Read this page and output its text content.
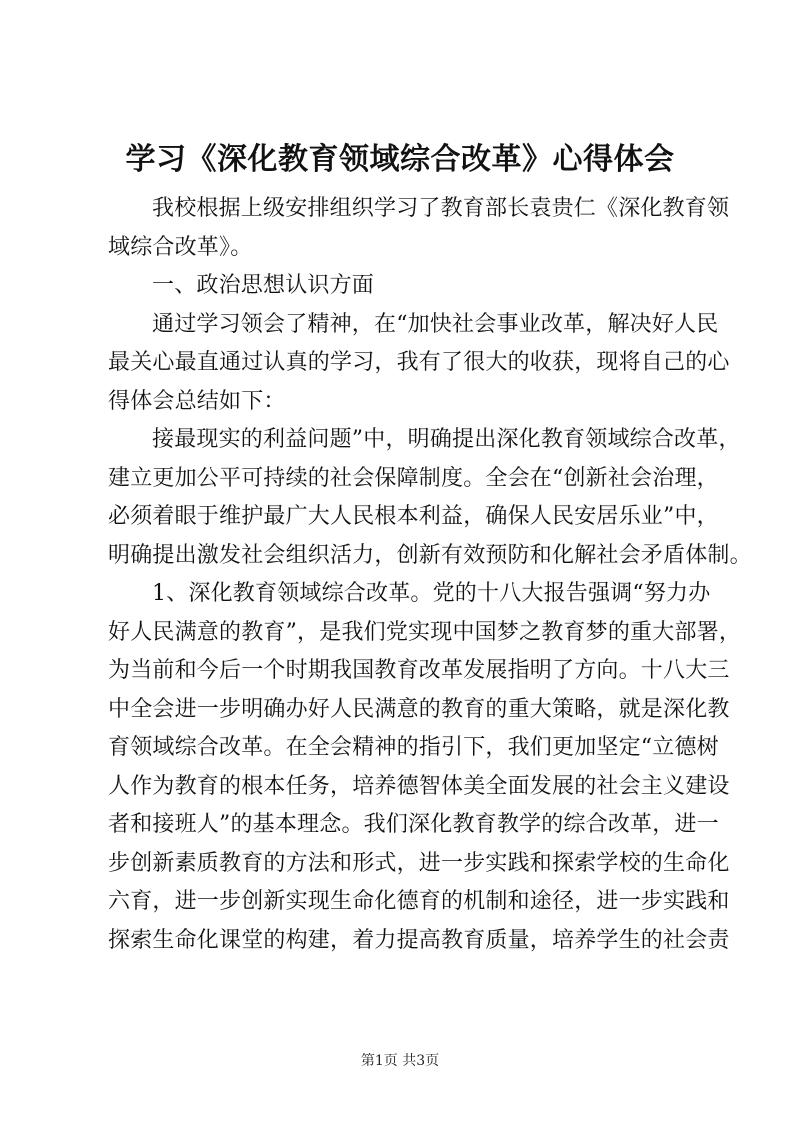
学习《深化教育领域综合改革》心得体会

我校根据上级安排组织学习了教育部长袁贵仁《深化教育领
域综合改革》。

一、政治思想认识方面

通过学习领会了精神，在“加快社会事业改革，解决好人民
最关心最直通过认真的学习，我有了很大的收获，现将自己的心
得体会总结如下：

接最现实的利益问题”中，明确提出深化教育领域综合改革，
建立更加公平可持续的社会保障制度。全会在“创新社会治理，
必须着眼于维护最广大人民根本利益，确保人民安居乐业”中，
明确提出激发社会组织活力，创新有效预防和化解社会矛盾体制。

1、深化教育领域综合改革。党的十八大报告强调“努力办
好人民满意的教育”，是我们党实现中国梦之教育梦的重大部署，
为当前和今后一个时期我国教育改革发展指明了方向。十八大三
中全会进一步明确办好人民满意的教育的重大策略，就是深化教
育领域综合改革。在全会精神的指引下，我们更加坚定“立德树
人作为教育的根本任务，培养德智体美全面发展的社会主义建设
者和接班人”的基本理念。我们深化教育教学的综合改革，进一
步创新素质教育的方法和形式，进一步实践和探索学校的生命化
六育，进一步创新实现生命化德育的机制和途径，进一步实践和
探索生命化课堂的构建，着力提高教育质量，培养学生的社会责

第1页 共3页
